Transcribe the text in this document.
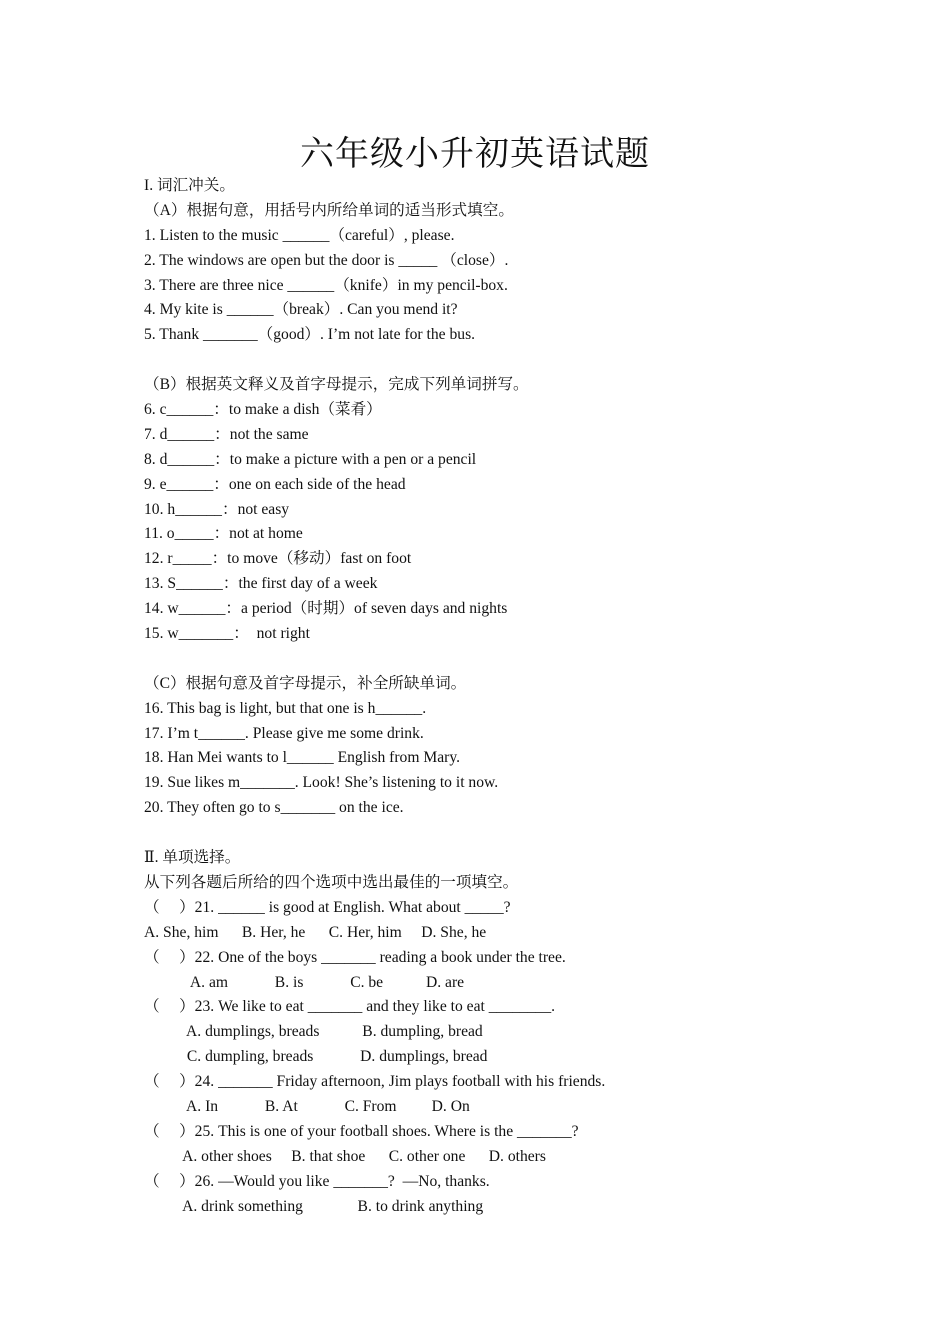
六年级小升初英语试题
I. 词汇冲关。
（A）根据句意，用括号内所给单词的适当形式填空。
1. Listen to the music ______（careful）, please.
2. The windows are open but the door is _____ （close）.
3. There are three nice ______（knife）in my pencil-box.
4. My kite is ______（break）. Can you mend it?
5. Thank _______（good）. I’m not late for the bus.
（B）根据英文释义及首字母提示，完成下列单词拼写。
6. c______：to make a dish（菜肴）
7. d______：not the same
8. d______：to make a picture with a pen or a pencil
9. e______：one on each side of the head
10. h______：not easy
11. o_____：not at home
12. r_____：to move（移动）fast on foot
13. S______：the first day of a week
14. w______：a period（时期）of seven days and nights
15. w_______：  not right
（C）根据句意及首字母提示，补全所缺单词。
16. This bag is light, but that one is h______.
17. I’m t______. Please give me some drink.
18. Han Mei wants to l______ English from Mary.
19. Sue likes m_______. Look! She’s listening to it now.
20. They often go to s_______ on the ice.
Ⅱ. 单项选择。
从下列各题后所给的四个选项中选出最佳的一项填空。
（     ）21. ______ is good at English. What about _____?
A. She, him      B. Her, he      C. Her, him     D. She, he
（     ）22. One of the boys _______ reading a book under the tree.
A. am            B. is            C. be           D. are
（     ）23. We like to eat _______ and they like to eat ________.
A. dumplings, breads           B. dumpling, bread
C. dumpling, breads            D. dumplings, bread
（     ）24. _______ Friday afternoon, Jim plays football with his friends.
A. In            B. At            C. From         D. On
（     ）25. This is one of your football shoes. Where is the _______?
A. other shoes     B. that shoe      C. other one      D. others
（     ）26. —Would you like _______?  —No, thanks.
A. drink something              B. to drink anything
